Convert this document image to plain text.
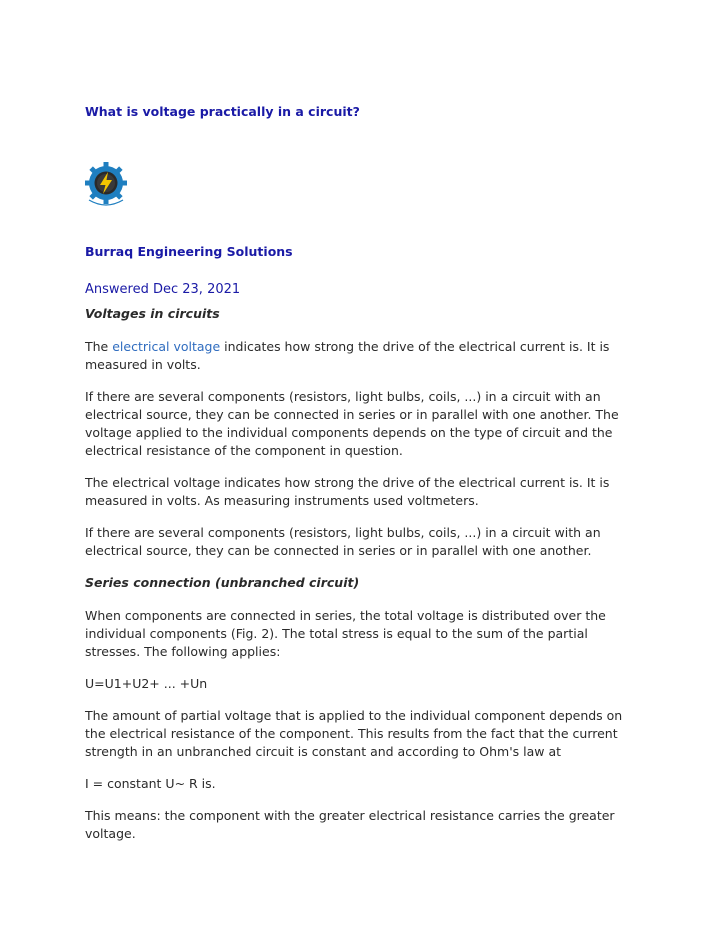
What is voltage practically in a circuit?
Burraq Engineering Solutions
Answered Dec 23, 2021

Voltages in circuits

The electrical voltage indicates how strong the drive of the electrical current is. It is measured in volts.

If there are several components (resistors, light bulbs, coils, ...) in a circuit with an electrical source, they can be connected in series or in parallel with one another. The voltage applied to the individual components depends on the type of circuit and the electrical resistance of the component in question.

The electrical voltage indicates how strong the drive of the electrical current is. It is measured in volts. As measuring instruments used voltmeters.

If there are several components (resistors, light bulbs, coils, ...) in a circuit with an electrical source, they can be connected in series or in parallel with one another.

Series connection (unbranched circuit)

When components are connected in series, the total voltage is distributed over the individual components (Fig. 2). The total stress is equal to the sum of the partial stresses. The following applies:

U=U1+U2+ ... +Un

The amount of partial voltage that is applied to the individual component depends on the electrical resistance of the component. This results from the fact that the current strength in an unbranched circuit is constant and according to Ohm's law at

I = constant U~ R is.

This means: the component with the greater electrical resistance carries the greater voltage.
